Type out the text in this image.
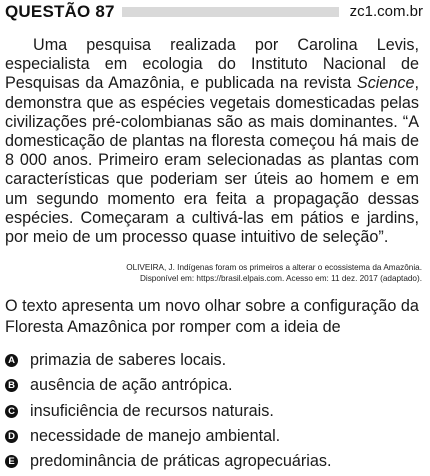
QUESTÃO 87	zc1.com.br

Uma pesquisa realizada por Carolina Levis, especialista em ecologia do Instituto Nacional de Pesquisas da Amazônia, e publicada na revista Science, demonstra que as espécies vegetais domesticadas pelas civilizações pré-colombianas são as mais dominantes. “A domesticação de plantas na floresta começou há mais de 8 000 anos. Primeiro eram selecionadas as plantas com características que poderiam ser úteis ao homem e em um segundo momento era feita a propagação dessas espécies. Começaram a cultivá-las em pátios e jardins, por meio de um processo quase intuitivo de seleção”.

OLIVEIRA, J. Indígenas foram os primeiros a alterar o ecossistema da Amazônia.
Disponível em: https://brasil.elpais.com. Acesso em: 11 dez. 2017 (adaptado).
O texto apresenta um novo olhar sobre a configuração da Floresta Amazônica por romper com a ideia de
A primazia de saberes locais.
B ausência de ação antrópica.
C insuficiência de recursos naturais.
D necessidade de manejo ambiental.
E predominância de práticas agropecuárias.
